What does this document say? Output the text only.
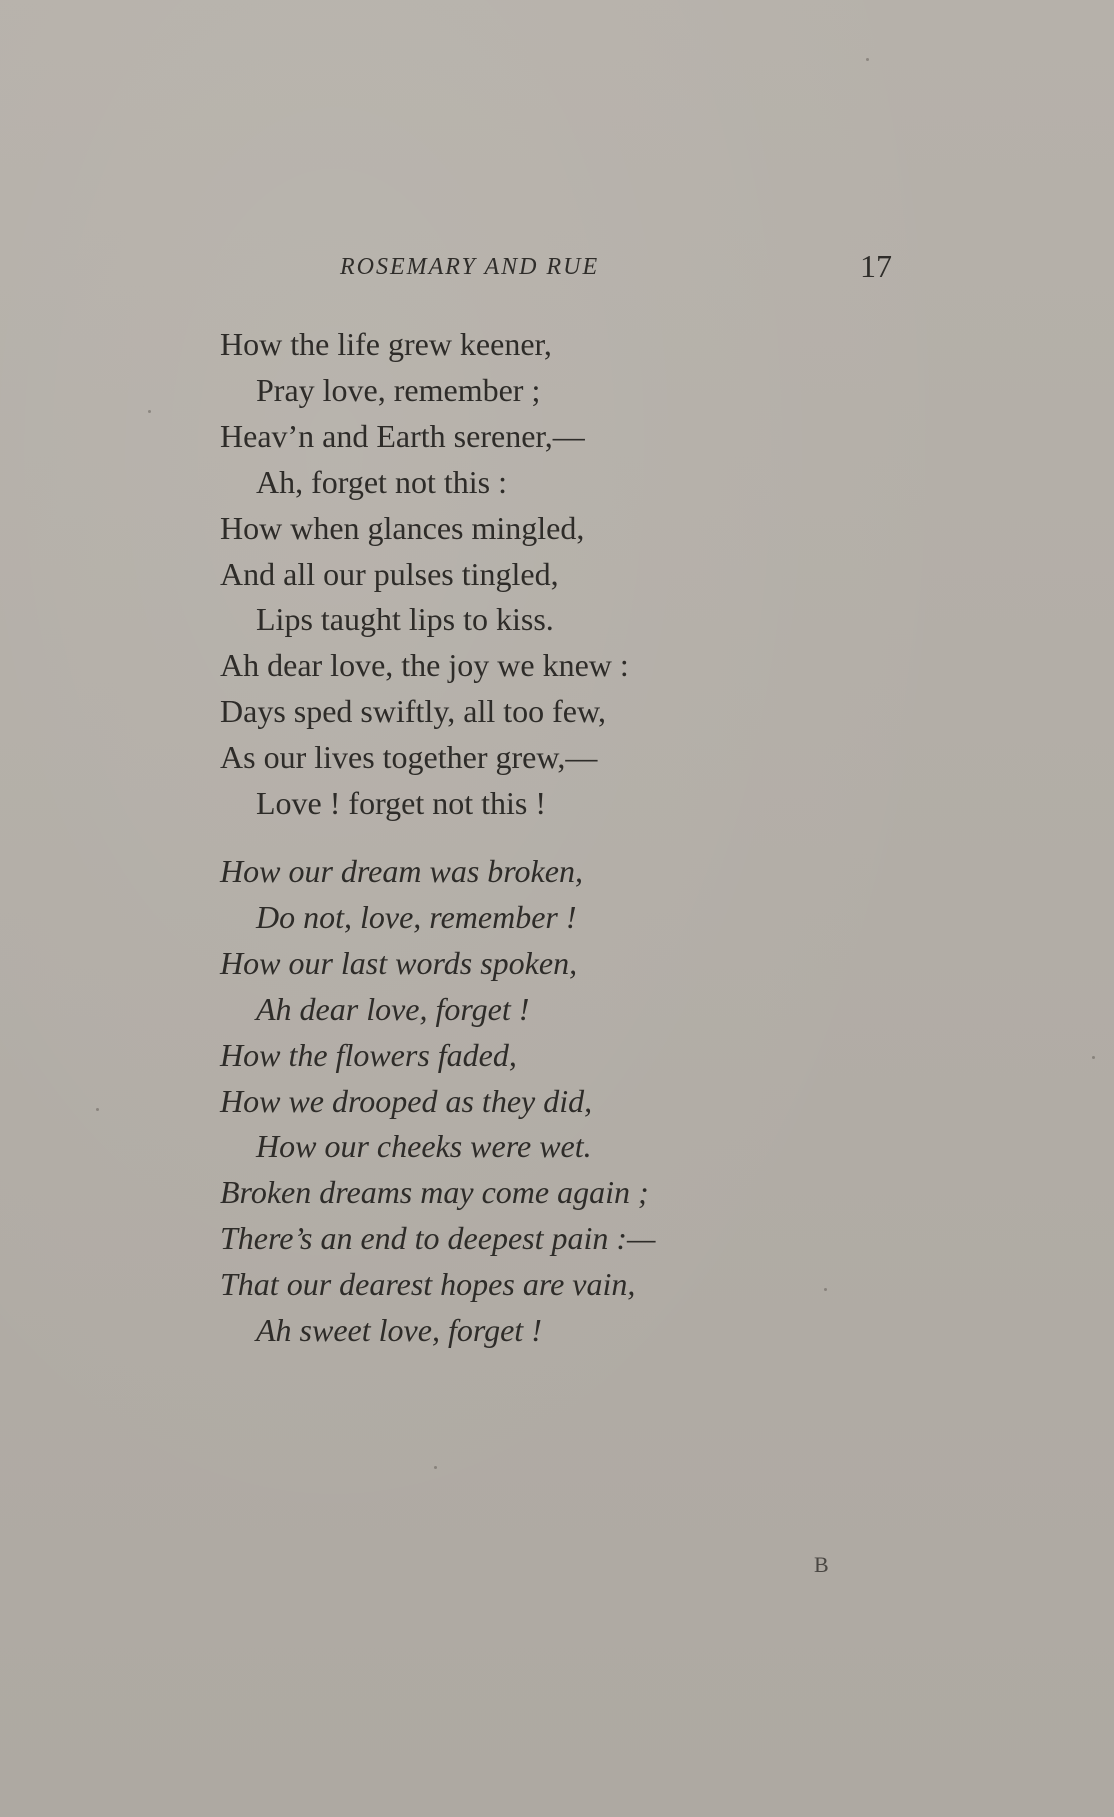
ROSEMARY AND RUE	17
How the life grew keener,
Pray love, remember ;
Heav’n and Earth serener,—
Ah, forget not this :
How when glances mingled,
And all our pulses tingled,
Lips taught lips to kiss.
Ah dear love, the joy we knew :
Days sped swiftly, all too few,
As our lives together grew,—
Love ! forget not this !
How our dream was broken,
Do not, love, remember !
How our last words spoken,
Ah dear love, forget !
How the flowers faded,
How we drooped as they did,
How our cheeks were wet.
Broken dreams may come again ;
There’s an end to deepest pain :—
That our dearest hopes are vain,
Ah sweet love, forget !
B
